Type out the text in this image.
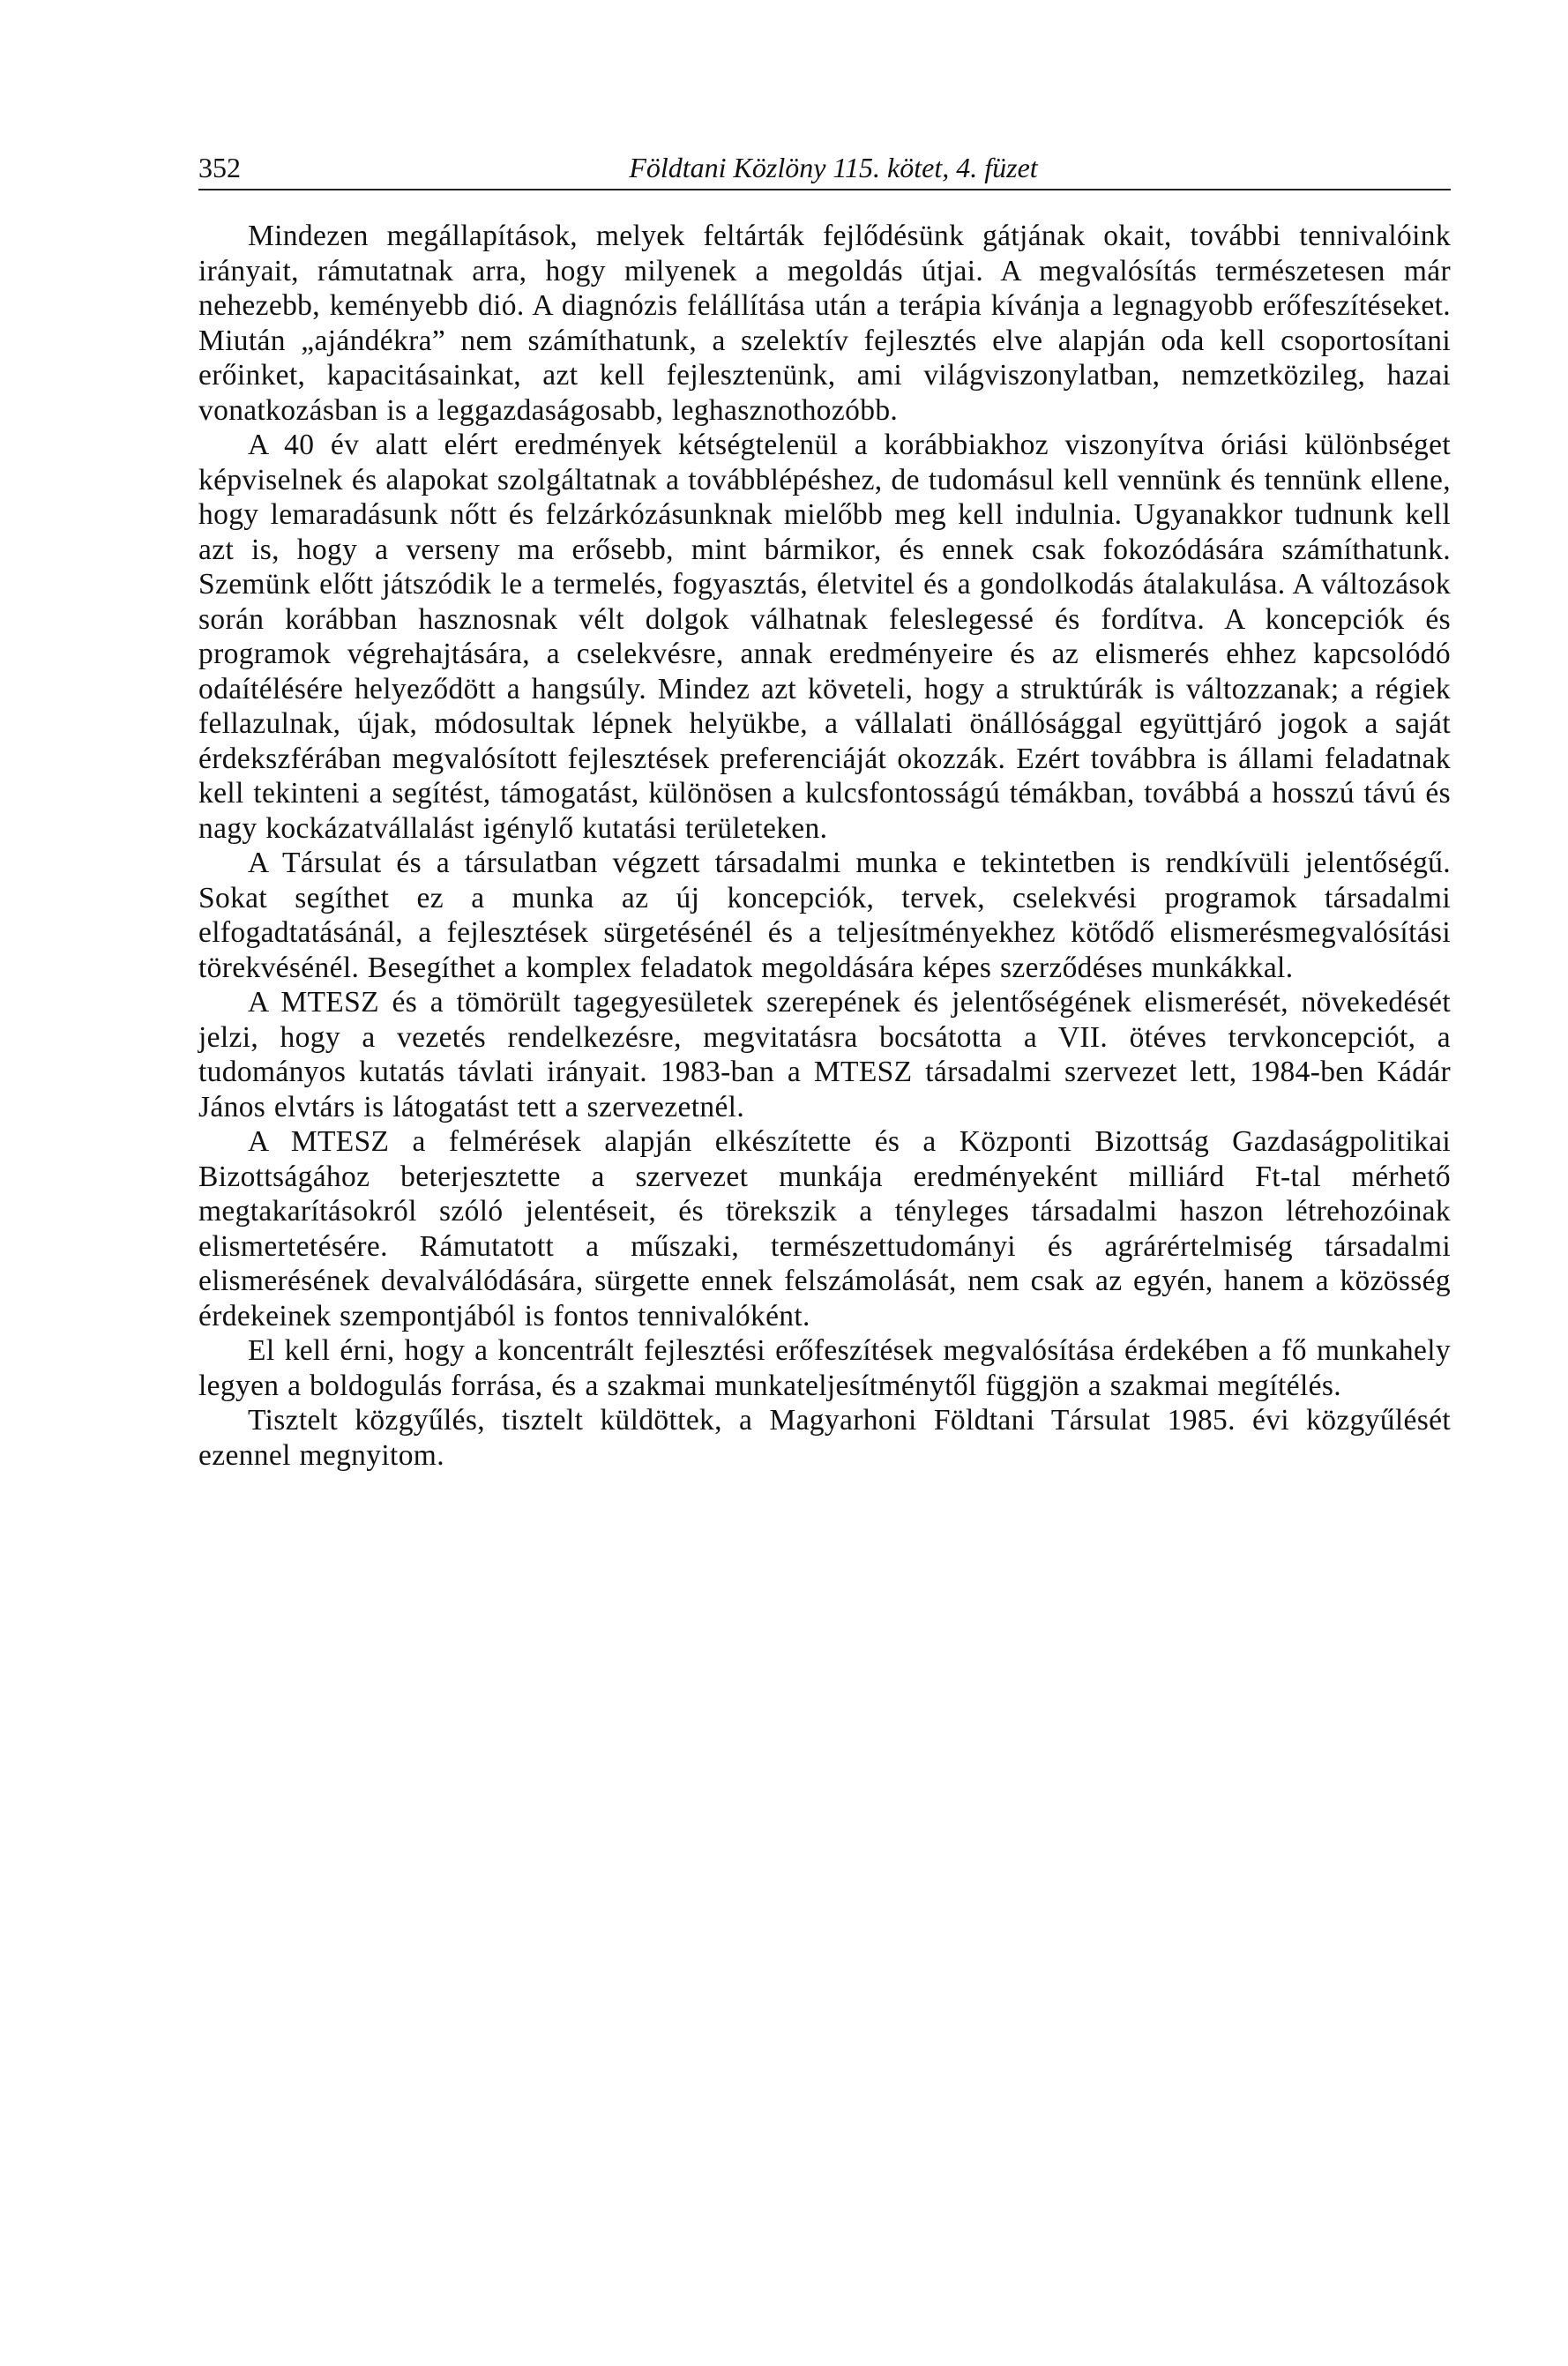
352	Földtani Közlöny 115. kötet, 4. füzet

Mindezen megállapítások, melyek feltárták fejlődésünk gátjának okait, további tennivalóink irányait, rámutatnak arra, hogy milyenek a megoldás útjai. A megvalósítás természetesen már nehezebb, keményebb dió. A diagnózis felállítása után a terápia kívánja a legnagyobb erőfeszítéseket. Miután „ajándékra” nem számíthatunk, a szelektív fejlesztés elve alapján oda kell csoportosítani erőinket, kapacitásainkat, azt kell fejlesztenünk, ami világviszonylatban, nemzetközileg, hazai vonatkozásban is a leggazdaságosabb, leghasznothozóbb.

A 40 év alatt elért eredmények kétségtelenül a korábbiakhoz viszonyítva óriási különbséget képviselnek és alapokat szolgáltatnak a továbblépéshez, de tudomásul kell vennünk és tennünk ellene, hogy lemaradásunk nőtt és felzárkózásunknak mielőbb meg kell indulnia. Ugyanakkor tudnunk kell azt is, hogy a verseny ma erősebb, mint bármikor, és ennek csak fokozódására számíthatunk. Szemünk előtt játszódik le a termelés, fogyasztás, életvitel és a gondolkodás átalakulása. A változások során korábban hasznosnak vélt dolgok válhatnak feleslegessé és fordítva. A koncepciók és programok végrehajtására, a cselekvésre, annak eredményeire és az elismerés ehhez kapcsolódó odaítélésére helyeződött a hangsúly. Mindez azt követeli, hogy a struktúrák is változzanak; a régiek fellazulnak, újak, módosultak lépnek helyükbe, a vállalati önállósággal együttjáró jogok a saját érdekszférában megvalósított fejlesztések preferenciáját okozzák. Ezért továbbra is állami feladatnak kell tekinteni a segítést, támogatást, különösen a kulcsfontosságú témákban, továbbá a hosszú távú és nagy kockázatvállalást igénylő kutatási területeken.

A Társulat és a társulatban végzett társadalmi munka e tekintetben is rendkívüli jelentőségű. Sokat segíthet ez a munka az új koncepciók, tervek, cselekvési programok társadalmi elfogadtatásánál, a fejlesztések sürgetésénél és a teljesítményekhez kötődő elismerésmegvalósítási törekvésénél. Besegíthet a komplex feladatok megoldására képes szerződéses munkákkal.

A MTESZ és a tömörült tagegyesületek szerepének és jelentőségének elismerését, növekedését jelzi, hogy a vezetés rendelkezésre, megvitatásra bocsátotta a VII. ötéves tervkoncepciót, a tudományos kutatás távlati irányait. 1983-ban a MTESZ társadalmi szervezet lett, 1984-ben Kádár János elvtárs is látogatást tett a szervezetnél.

A MTESZ a felmérések alapján elkészítette és a Központi Bizottság Gazdaságpolitikai Bizottságához beterjesztette a szervezet munkája eredményeként milliárd Ft-tal mérhető megtakarításokról szóló jelentéseit, és törekszik a tényleges társadalmi haszon létrehozóinak elismertetésére. Rámutatott a műszaki, természettudományi és agrárértelmiség társadalmi elismerésének devalválódására, sürgette ennek felszámolását, nem csak az egyén, hanem a közösség érdekeinek szempontjából is fontos tennivalóként.

El kell érni, hogy a koncentrált fejlesztési erőfeszítések megvalósítása érdekében a fő munkahely legyen a boldogulás forrása, és a szakmai munkateljesítménytől függjön a szakmai megítélés.

Tisztelt közgyűlés, tisztelt küldöttek, a Magyarhoni Földtani Társulat 1985. évi közgyűlését ezennel megnyitom.
